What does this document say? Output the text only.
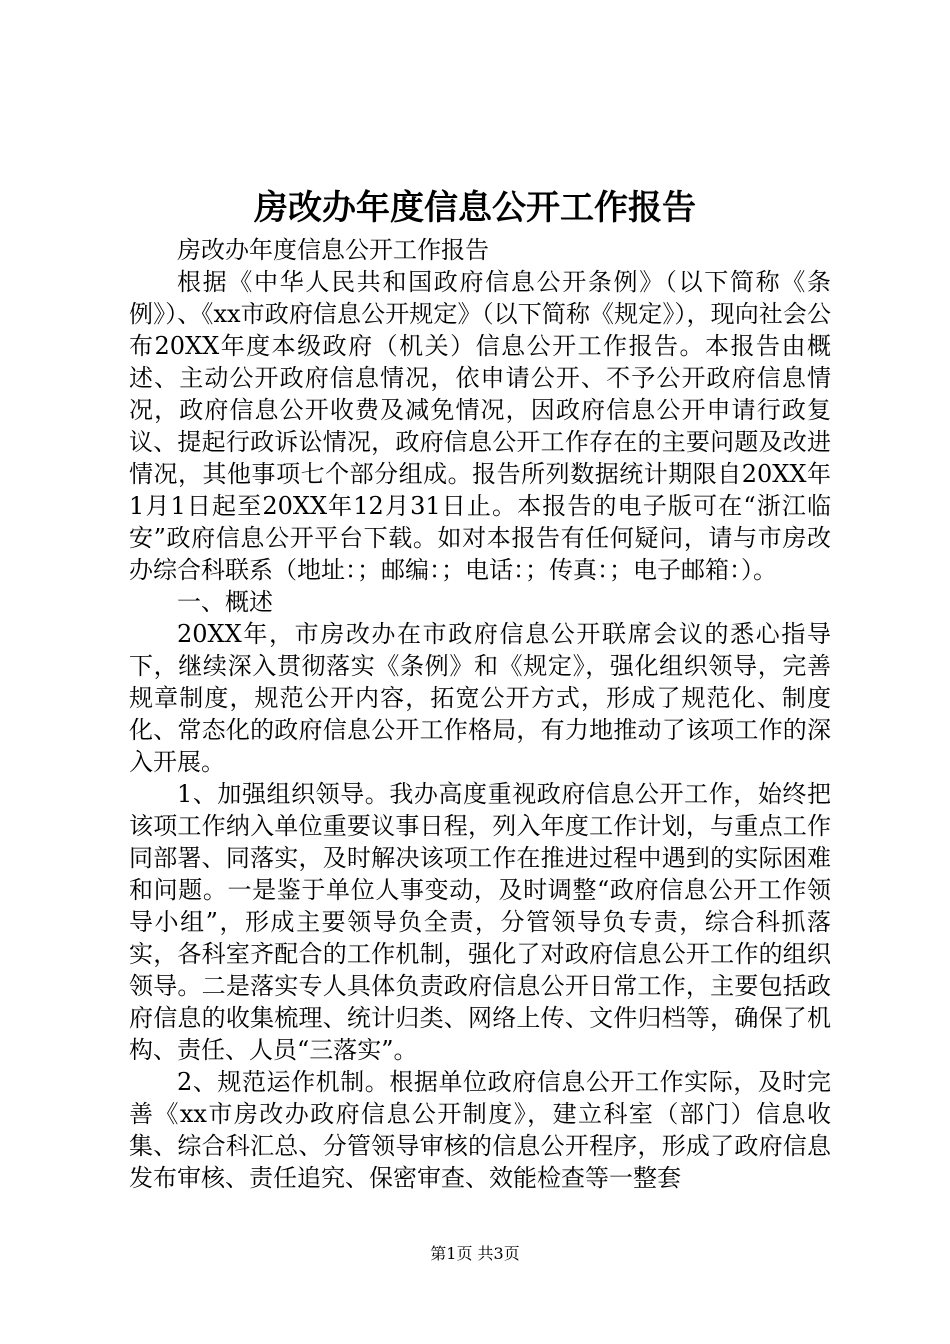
房改办年度信息公开工作报告

房改办年度信息公开工作报告

根据《中华人民共和国政府信息公开条例》（以下简称《条例》）、《xx市政府信息公开规定》（以下简称《规定》），现向社会公布20XX年度本级政府（机关）信息公开工作报告。本报告由概述、主动公开政府信息情况，依申请公开、不予公开政府信息情况，政府信息公开收费及减免情况，因政府信息公开申请行政复议、提起行政诉讼情况，政府信息公开工作存在的主要问题及改进情况，其他事项七个部分组成。报告所列数据统计期限自20XX年1月1日起至20XX年12月31日止。本报告的电子版可在“浙江临安”政府信息公开平台下载。如对本报告有任何疑问，请与市房改办综合科联系（地址：；邮编：；电话：；传真：；电子邮箱：）。

一、概述

20XX年，市房改办在市政府信息公开联席会议的悉心指导下，继续深入贯彻落实《条例》和《规定》，强化组织领导，完善规章制度，规范公开内容，拓宽公开方式，形成了规范化、制度化、常态化的政府信息公开工作格局，有力地推动了该项工作的深入开展。

1、加强组织领导。我办高度重视政府信息公开工作，始终把该项工作纳入单位重要议事日程，列入年度工作计划，与重点工作同部署、同落实，及时解决该项工作在推进过程中遇到的实际困难和问题。一是鉴于单位人事变动，及时调整“政府信息公开工作领导小组”，形成主要领导负全责，分管领导负专责，综合科抓落实，各科室齐配合的工作机制，强化了对政府信息公开工作的组织领导。二是落实专人具体负责政府信息公开日常工作，主要包括政府信息的收集梳理、统计归类、网络上传、文件归档等，确保了机构、责任、人员“三落实”。

2、规范运作机制。根据单位政府信息公开工作实际，及时完善《xx市房改办政府信息公开制度》，建立科室（部门）信息收集、综合科汇总、分管领导审核的信息公开程序，形成了政府信息发布审核、责任追究、保密审查、效能检查等一整套

第1页 共3页
